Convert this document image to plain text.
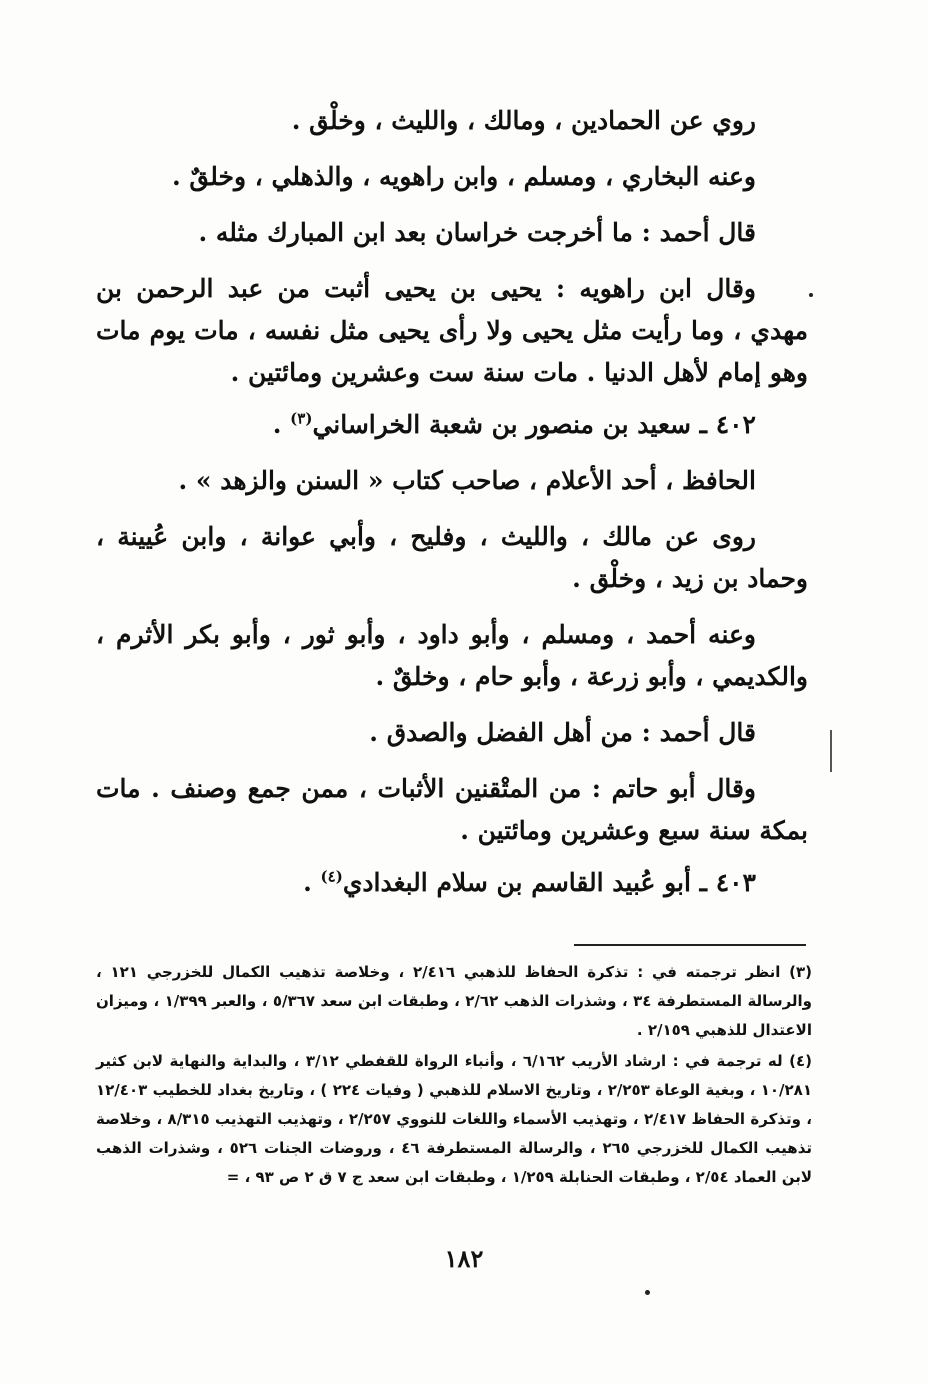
روي عن الحمادين ، ومالك ، والليث ، وخلْق .

وعنه البخاري ، ومسلم ، وابن راهويه ، والذهلي ، وخلقٌ .

قال أحمد : ما أخرجت خراسان بعد ابن المبارك مثله .

وقال ابن راهويه : يحيى بن يحيى أثبت من عبد الرحمن بن مهدي ، وما رأيت مثل يحيى ولا رأى يحيى مثل نفسه ، مات يوم مات وهو إمام لأهل الدنيا . مات سنة ست وعشرين ومائتين .

٤٠٢ ـ سعيد بن منصور بن شعبة الخراساني$^{(٣)}$ .

الحافظ ، أحد الأعلام ، صاحب كتاب « السنن والزهد » .

روى عن مالك ، والليث ، وفليح ، وأبي عوانة ، وابن عُيينة ، وحماد بن زيد ، وخلْق .

وعنه أحمد ، ومسلم ، وأبو داود ، وأبو ثور ، وأبو بكر الأثرم ، والكديمي ، وأبو زرعة ، وأبو حام ، وخلقٌ .

قال أحمد : من أهل الفضل والصدق .

وقال أبو حاتم : من المتْقنين الأثبات ، ممن جمع وصنف . مات بمكة سنة سبع وعشرين ومائتين .

٤٠٣ ـ أبو عُبيد القاسم بن سلام البغدادي$^{(٤)}$ .

(٣) انظر ترجمته في : تذكرة الحفاظ للذهبي ٢/٤١٦ ، وخلاصة تذهيب الكمال للخزرجي ١٢١ ، والرسالة المستطرفة ٣٤ ، وشذرات الذهب ٢/٦٢ ، وطبقات ابن سعد ٥/٣٦٧ ، والعبر ١/٣٩٩ ، وميزان الاعتدال للذهبي ٢/١٥٩ .

(٤) له ترجمة في : ارشاد الأريب ٦/١٦٢ ، وأنباء الرواة للقفطي ٣/١٢ ، والبداية والنهاية لابن كثير ١٠/٢٨١ ، وبغية الوعاة ٢/٢٥٣ ، وتاريخ الاسلام للذهبي ( وفيات ٢٢٤ ) ، وتاريخ بغداد للخطيب ١٢/٤٠٣ ، وتذكرة الحفاظ ٢/٤١٧ ، وتهذيب الأسماء واللغات للنووي ٢/٢٥٧ ، وتهذيب التهذيب ٨/٣١٥ ، وخلاصة تذهيب الكمال للخزرجي ٢٦٥ ، والرسالة المستطرفة ٤٦ ، وروضات الجنات ٥٢٦ ، وشذرات الذهب لابن العماد ٢/٥٤ ، وطبقات الحنابلة ١/٢٥٩ ، وطبقات ابن سعد ج ٧ ق ٢ ص ٩٣ ، =

١٨٢
